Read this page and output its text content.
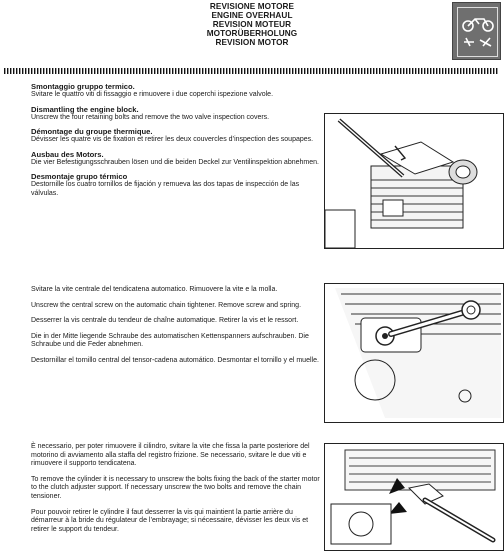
REVISIONE MOTORE
ENGINE OVERHAUL
REVISION MOTEUR
MOTORÜBERHOLUNG
REVISION MOTOR

Smontaggio gruppo termico.

Svitare le quattro viti di fissaggio e rimuovere i due coperchi ispezione valvole.

Dismantling the engine block.

Unscrew the four retaining bolts and remove the two valve inspection covers.

Démontage du groupe thermique.

Dévisser les quatre vis de fixation et retirer les deux couvercles d’inspection des soupapes.

Ausbau des Motors.

Die vier Befestigungsschrauben lösen und die beiden Deckel zur Ventilinspektion abnehmen.

Desmontaje grupo térmico

Destornille los cuatro tornillos de fijación y remueva las dos tapas de inspección de las válvulas.

Svitare la vite centrale del tendicatena automatico. Rimuovere la vite e la molla.

Unscrew the central screw on the automatic chain tightener. Remove screw and spring.

Desserrer la vis centrale du tendeur de chaîne automatique. Retirer la vis et le ressort.

Die in der Mitte liegende Schraube des automatischen Kettenspanners aufschrauben. Die Schraube und die Feder abnehmen.

Destornillar el tornillo central del tensor-cadena automático. Desmontar el tornillo y el muelle.

È necessario, per poter rimuovere il cilindro, svitare la vite che fissa la parte posteriore del motorino di avviamento alla staffa del registro frizione. Se necessario, svitare le due viti e rimuovere il supporto tendicatena.

To remove the cylinder it is necessary to unscrew the bolts fixing the back of the starter motor to the clutch adjuster support. If necessary unscrew the two bolts and remove the chain tensioner.

Pour pouvoir retirer le cylindre il faut desserrer la vis qui maintient la partie arrière du démarreur à la bride du régulateur de l’embrayage; si nécessaire, dévisser les deux vis et retirer le support du tendeur.
